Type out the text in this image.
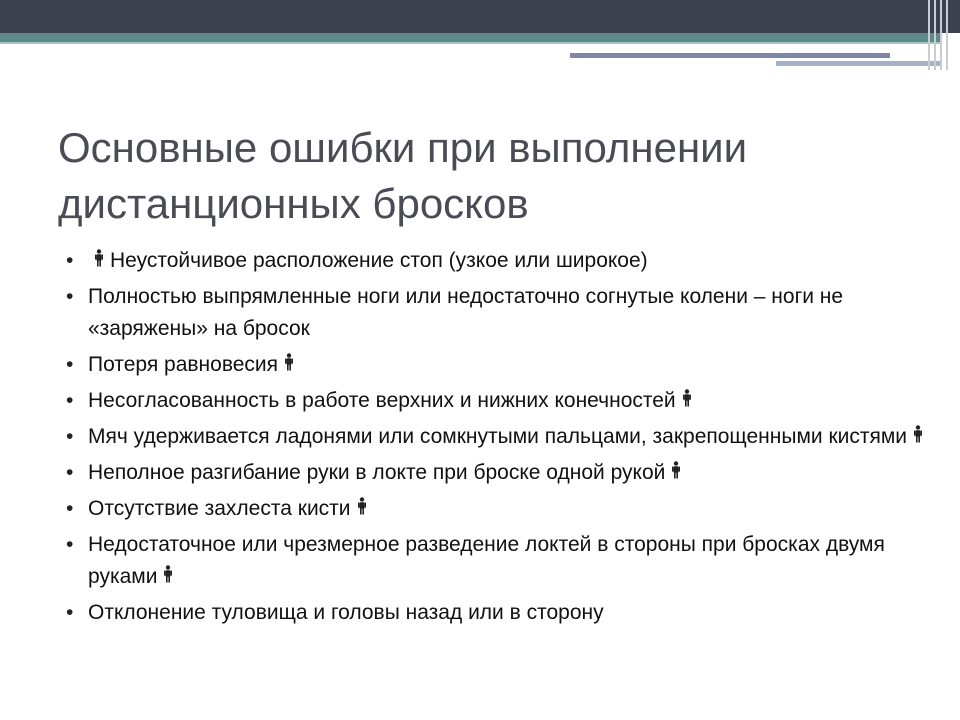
Основные ошибки при выполнении дистанционных бросков
• Неустойчивое расположение стоп (узкое или широкое)
• Полностью выпрямленные ноги или недостаточно согнутые колени – ноги не «заряжены» на бросок
• Потеря равновесия
• Несогласованность в работе верхних и нижних конечностей
• Мяч удерживается ладонями или сомкнутыми пальцами, закрепощенными кистями
• Неполное разгибание руки в локте при броске одной рукой
• Отсутствие захлеста кисти
• Недостаточное или чрезмерное разведение локтей в стороны при бросках двумя руками
• Отклонение туловища и головы назад или в сторону
